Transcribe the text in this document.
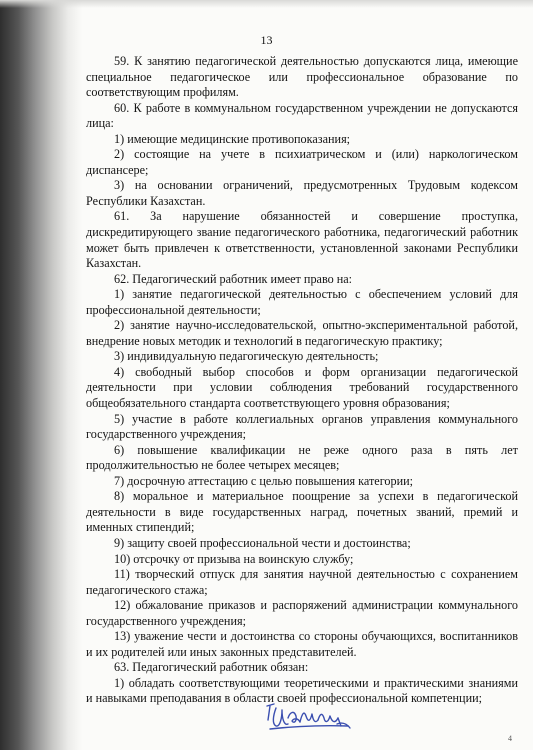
13

59. К занятию педагогической деятельностью допускаются лица, имеющие специальное педагогическое или профессиональное образование по соответствующим профилям.

60. К работе в коммунальном государственном учреждении не допускаются лица:

1) имеющие медицинские противопоказания;

2) состоящие на учете в психиатрическом и (или) наркологическом диспансере;

3) на основании ограничений, предусмотренных Трудовым кодексом Республики Казахстан.

61. За нарушение обязанностей и совершение проступка, дискредитирующего звание педагогического работника, педагогический работник может быть привлечен к ответственности, установленной законами Республики Казахстан.

62. Педагогический работник имеет право на:

1) занятие педагогической деятельностью с обеспечением условий для профессиональной деятельности;

2) занятие научно-исследовательской, опытно-экспериментальной работой, внедрение новых методик и технологий в педагогическую практику;

3) индивидуальную педагогическую деятельность;

4) свободный выбор способов и форм организации педагогической деятельности при условии соблюдения требований государственного общеобязательного стандарта соответствующего уровня образования;

5) участие в работе коллегиальных органов управления коммунального государственного учреждения;

6) повышение квалификации не реже одного раза в пять лет продолжительностью не более четырех месяцев;

7) досрочную аттестацию с целью повышения категории;

8) моральное и материальное поощрение за успехи в педагогической деятельности в виде государственных наград, почетных званий, премий и именных стипендий;

9) защиту своей профессиональной чести и достоинства;

10) отсрочку от призыва на воинскую службу;

11) творческий отпуск для занятия научной деятельностью с сохранением педагогического стажа;

12) обжалование приказов и распоряжений администрации коммунального государственного учреждения;

13) уважение чести и достоинства со стороны обучающихся, воспитанников и их родителей или иных законных представителей.

63. Педагогический работник обязан:

1) обладать соответствующими теоретическими и практическими знаниями и навыками преподавания в области своей профессиональной компетенции;

4
